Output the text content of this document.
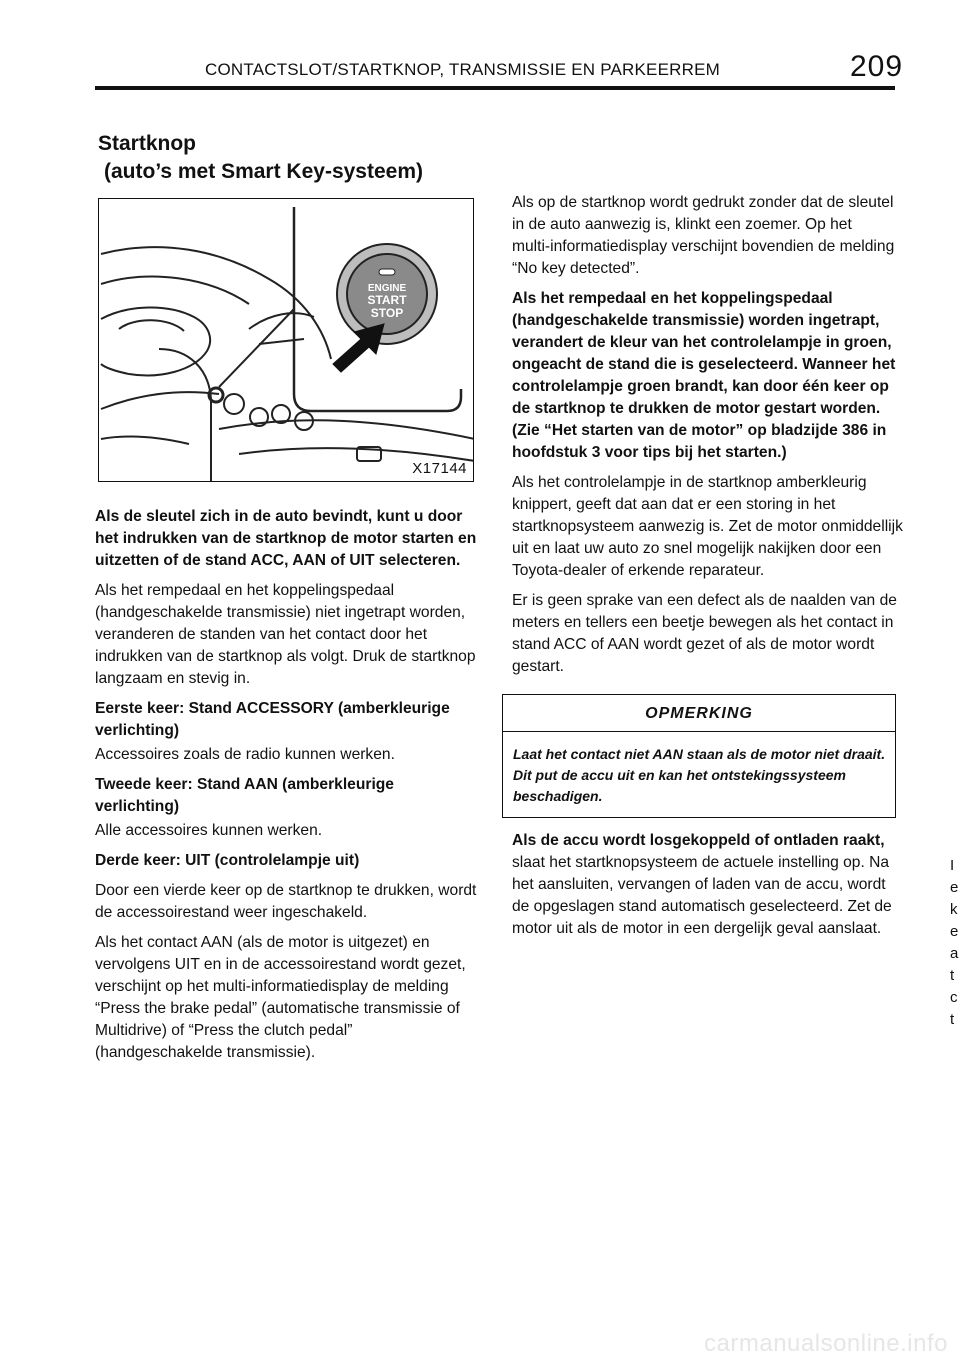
CONTACTSLOT/STARTKNOP, TRANSMISSIE EN PARKEERREM	209
Startknop
(auto’s met Smart Key‑systeem)
ENGINE
START
STOP
X17144

Als de sleutel zich in de auto bevindt, kunt u door het indrukken van de startknop de motor starten en uitzetten of de stand ACC, AAN of UIT selecteren.

Als het rempedaal en het koppelingspedaal (handgeschakelde transmissie) niet ingetrapt worden, veranderen de standen van het contact door het indrukken van de startknop als volgt. Druk de startknop langzaam en stevig in.

Eerste keer: Stand ACCESSORY (amberkleurige verlichting)

Accessoires zoals de radio kunnen werken.

Tweede keer: Stand AAN (amberkleurige verlichting)

Alle accessoires kunnen werken.

Derde keer: UIT (controlelampje uit)

Door een vierde keer op de startknop te drukken, wordt de accessoirestand weer ingeschakeld.

Als het contact AAN (als de motor is uitgezet) en vervolgens UIT en in de accessoirestand wordt gezet, verschijnt op het multi‑informatiedisplay de melding “Press the brake pedal” (automatische transmissie of Multidrive) of “Press the clutch pedal” (handgeschakelde transmissie).

Als op de startknop wordt gedrukt zonder dat de sleutel in de auto aanwezig is, klinkt een zoemer. Op het multi‑informatiedisplay verschijnt bovendien de melding “No key detected”.

Als het rempedaal en het koppelingspedaal (handgeschakelde transmissie) worden ingetrapt, verandert de kleur van het controlelampje in groen, ongeacht de stand die is geselecteerd. Wanneer het controlelampje groen brandt, kan door één keer op de startknop te drukken de motor gestart worden. (Zie “Het starten van de motor” op bladzijde 386 in hoofdstuk 3 voor tips bij het starten.)

Als het controlelampje in de startknop amberkleurig knippert, geeft dat aan dat er een storing in het startknopsysteem aanwezig is. Zet de motor onmiddellijk uit en laat uw auto zo snel mogelijk nakijken door een Toyota‑dealer of erkende reparateur.

Er is geen sprake van een defect als de naalden van de meters en tellers een beetje bewegen als het contact in stand ACC of AAN wordt gezet of als de motor wordt gestart.

OPMERKING
Laat het contact niet AAN staan als de motor niet draait. Dit put de accu uit en kan het ontstekingssysteem beschadigen.

Als de accu wordt losgekoppeld of ontladen raakt, slaat het startknopsysteem de actuele instelling op. Na het aansluiten, vervangen of laden van de accu, wordt de opgeslagen stand automatisch geselecteerd. Zet de motor uit als de motor in een dergelijk geval aanslaat.

I e k e a t c t
carmanualsonline.info
